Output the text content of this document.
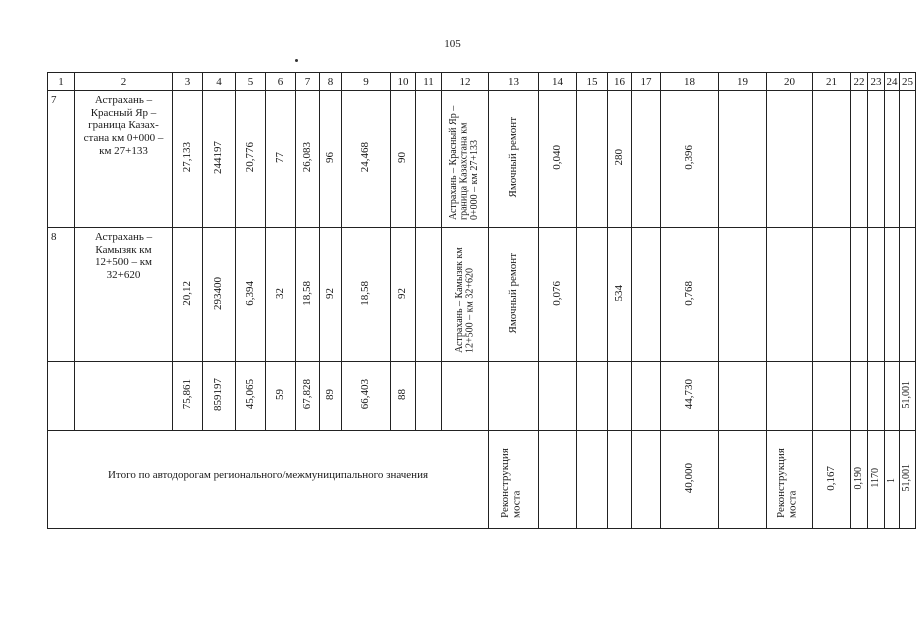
105
1	2	3	4	5	6	7	8	9	10	11	12	13	14	15	16	17	18	19	20	21	22	23	24	25
7	Астрахань – Красный Яр – граница Казах-стана км 0+000 – км 27+133	27,133	244197	20,776	77	26,083	96	24,468	90		Астрахань – Красный Яр – граница Казахстана км 0+000 – км 27+133	Ямочный ремонт	0,040		280		0,396							
8	Астрахань – Камызяк км 12+500 – км 32+620	20,12	293400	6,394	32	18,58	92	18,58	92		Астрахань – Камызяк км 12+500 – км 32+620	Ямочный ремонт	0,076		534		0,768							
		75,861	859197	45,065	59	67,828	89	66,403	88								44,730							51,001
Итого по автодорогам регионального/межмуниципального значения												Реконструкция моста					40,000		Реконструкция моста	0,167	0,190	1170	1	51,001
